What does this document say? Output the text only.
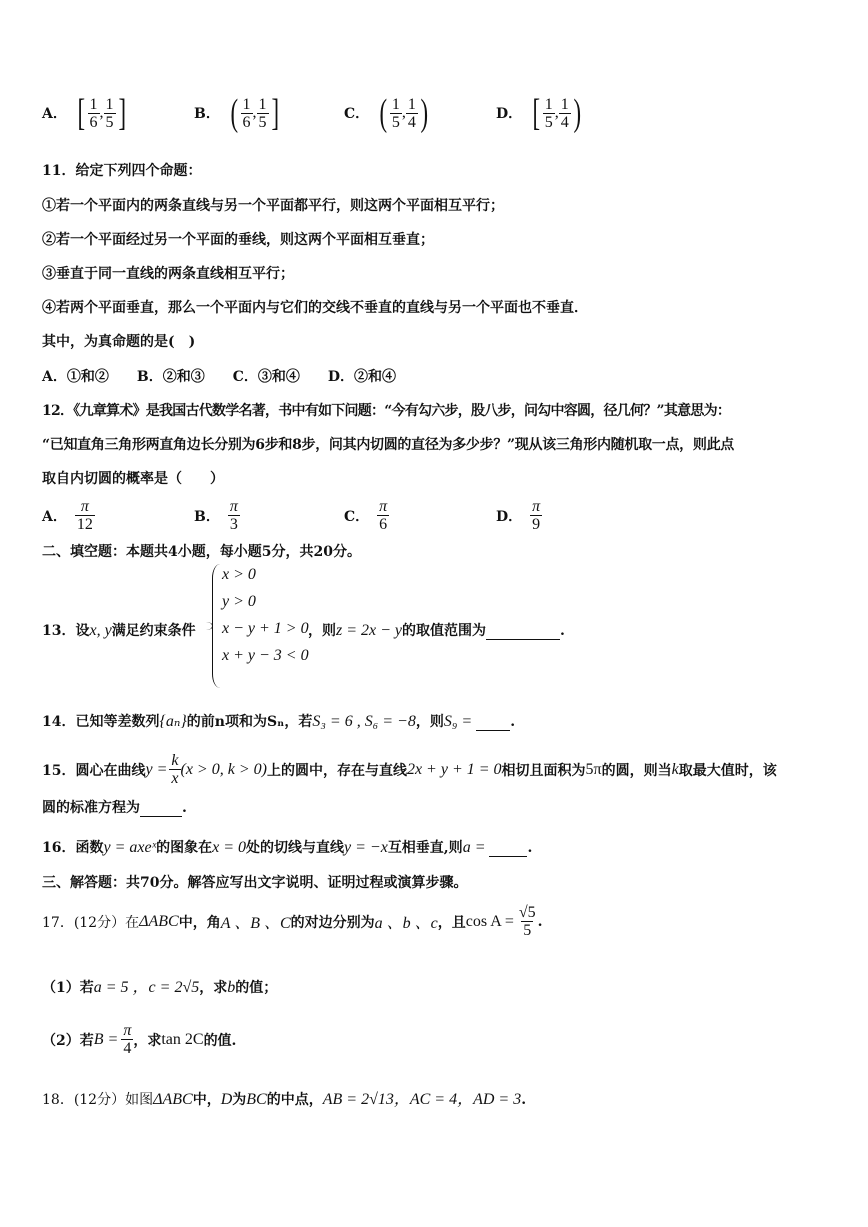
A． [ $\frac{1}{6}$ , $\frac{1}{5}$ ]	B． ( $\frac{1}{6}$ , $\frac{1}{5}$ ]	C． ( $\frac{1}{5}$ , $\frac{1}{4}$ )	D． [ $\frac{1}{5}$ , $\frac{1}{4}$ )
11．给定下列四个命题：
①若一个平面内的两条直线与另一个平面都平行，则这两个平面相互平行；
②若一个平面经过另一个平面的垂线，则这两个平面相互垂直；
③垂直于同一直线的两条直线相互平行；
④若两个平面垂直，那么一个平面内与它们的交线不垂直的直线与另一个平面也不垂直．
其中，为真命题的是(　)
A．①和②　　B．②和③　　C．③和④　　D．②和④
12．《九章算术》是我国古代数学名著，书中有如下问题：“今有勾六步，股八步，问勾中容圆，径几何？”其意思为：
“已知直角三角形两直角边长分别为6步和8步，问其内切圆的直径为多少步？”现从该三角形内随机取一点，则此点
取自内切圆的概率是（　　）
A． $\frac{\pi}{12}$	B． $\frac{\pi}{3}$	C． $\frac{\pi}{6}$	D． $\frac{\pi}{9}$
二、填空题：本题共4小题，每小题5分，共20分。
13．设x, y满足约束条件
x > 0
y > 0
x − y + 1 > 0
x + y − 3 < 0
，则z = 2x − y的取值范围为	.
14．已知等差数列{aₙ}的前n项和为Sₙ，若S₃ = 6 , S₆ = −8，则S₉ =	.
15．圆心在曲线 $y = \frac{k}{x} (x > 0$, k > 0) 上的圆中，存在与直线 2x + y + 1 = 0 相切且面积为 5π 的圆，则当 k 取最大值时，该
圆的标准方程为	.
16．函数y = axeˣ的图象在x = 0处的切线与直线y = −x互相垂直,则a =	.
三、解答题：共70分。解答应写出文字说明、证明过程或演算步骤。
17．(12分）在 ΔABC 中，角 A 、B 、C 的对边分别为 a 、b 、c ，且 $\cos A = \frac{√5}{5}$ .
（1）若a = 5 ，c = 2√5，求b的值；
（2）若 $B = \frac{\pi}{4}$ ，求 tan 2C 的值.
18．(12分）如图ΔABC中，D为BC的中点，AB = 2√13，AC = 4，AD = 3.
